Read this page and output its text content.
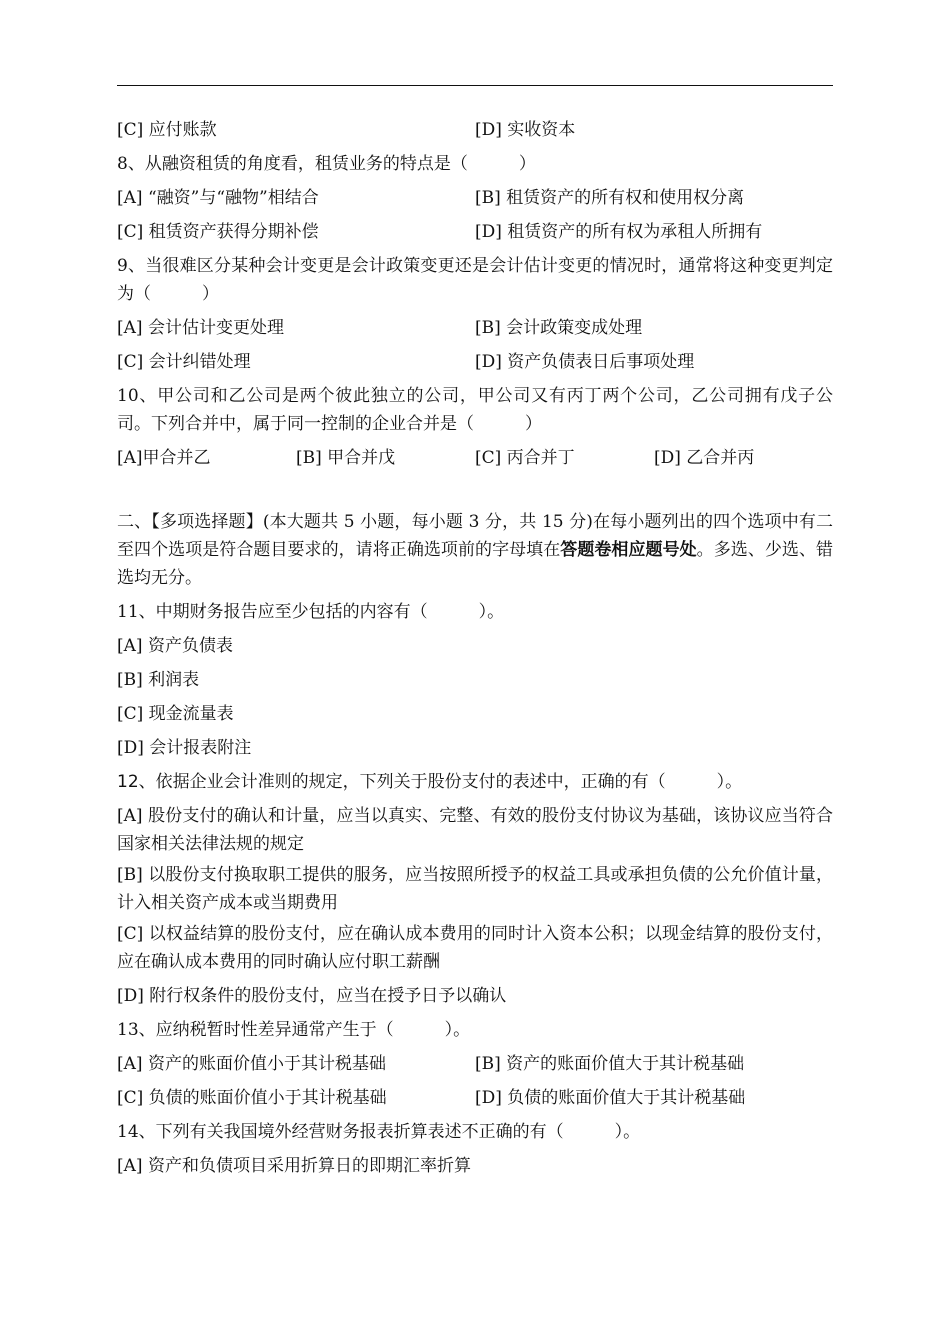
[C] 应付账款	[D] 实收资本
8、从融资租赁的角度看，租赁业务的特点是（　　　）
[A] “融资”与“融物”相结合	[B] 租赁资产的所有权和使用权分离
[C] 租赁资产获得分期补偿	[D] 租赁资产的所有权为承租人所拥有
9、当很难区分某种会计变更是会计政策变更还是会计估计变更的情况时，通常将这种变更判定为（　　　）
[A] 会计估计变更处理	[B] 会计政策变成处理
[C] 会计纠错处理	[D] 资产负债表日后事项处理
10、甲公司和乙公司是两个彼此独立的公司，甲公司又有丙丁两个公司，乙公司拥有戊子公司。下列合并中，属于同一控制的企业合并是（　　　）
[A]甲合并乙	[B] 甲合并戊	[C] 丙合并丁	[D] 乙合并丙
二、【多项选择题】(本大题共 5 小题，每小题 3 分，共 15 分)在每小题列出的四个选项中有二至四个选项是符合题目要求的，请将正确选项前的字母填在答题卷相应题号处。多选、少选、错选均无分。
11、中期财务报告应至少包括的内容有（　　　）。
[A] 资产负债表
[B] 利润表
[C] 现金流量表
[D] 会计报表附注
12、依据企业会计准则的规定，下列关于股份支付的表述中，正确的有（　　　）。
[A] 股份支付的确认和计量，应当以真实、完整、有效的股份支付协议为基础，该协议应当符合国家相关法律法规的规定
[B] 以股份支付换取职工提供的服务，应当按照所授予的权益工具或承担负债的公允价值计量，计入相关资产成本或当期费用
[C] 以权益结算的股份支付，应在确认成本费用的同时计入资本公积；以现金结算的股份支付，应在确认成本费用的同时确认应付职工薪酬
[D] 附行权条件的股份支付，应当在授予日予以确认
13、应纳税暂时性差异通常产生于（　　　）。
[A] 资产的账面价值小于其计税基础	[B] 资产的账面价值大于其计税基础
[C] 负债的账面价值小于其计税基础	[D] 负债的账面价值大于其计税基础
14、下列有关我国境外经营财务报表折算表述不正确的有（　　　）。
[A] 资产和负债项目采用折算日的即期汇率折算
